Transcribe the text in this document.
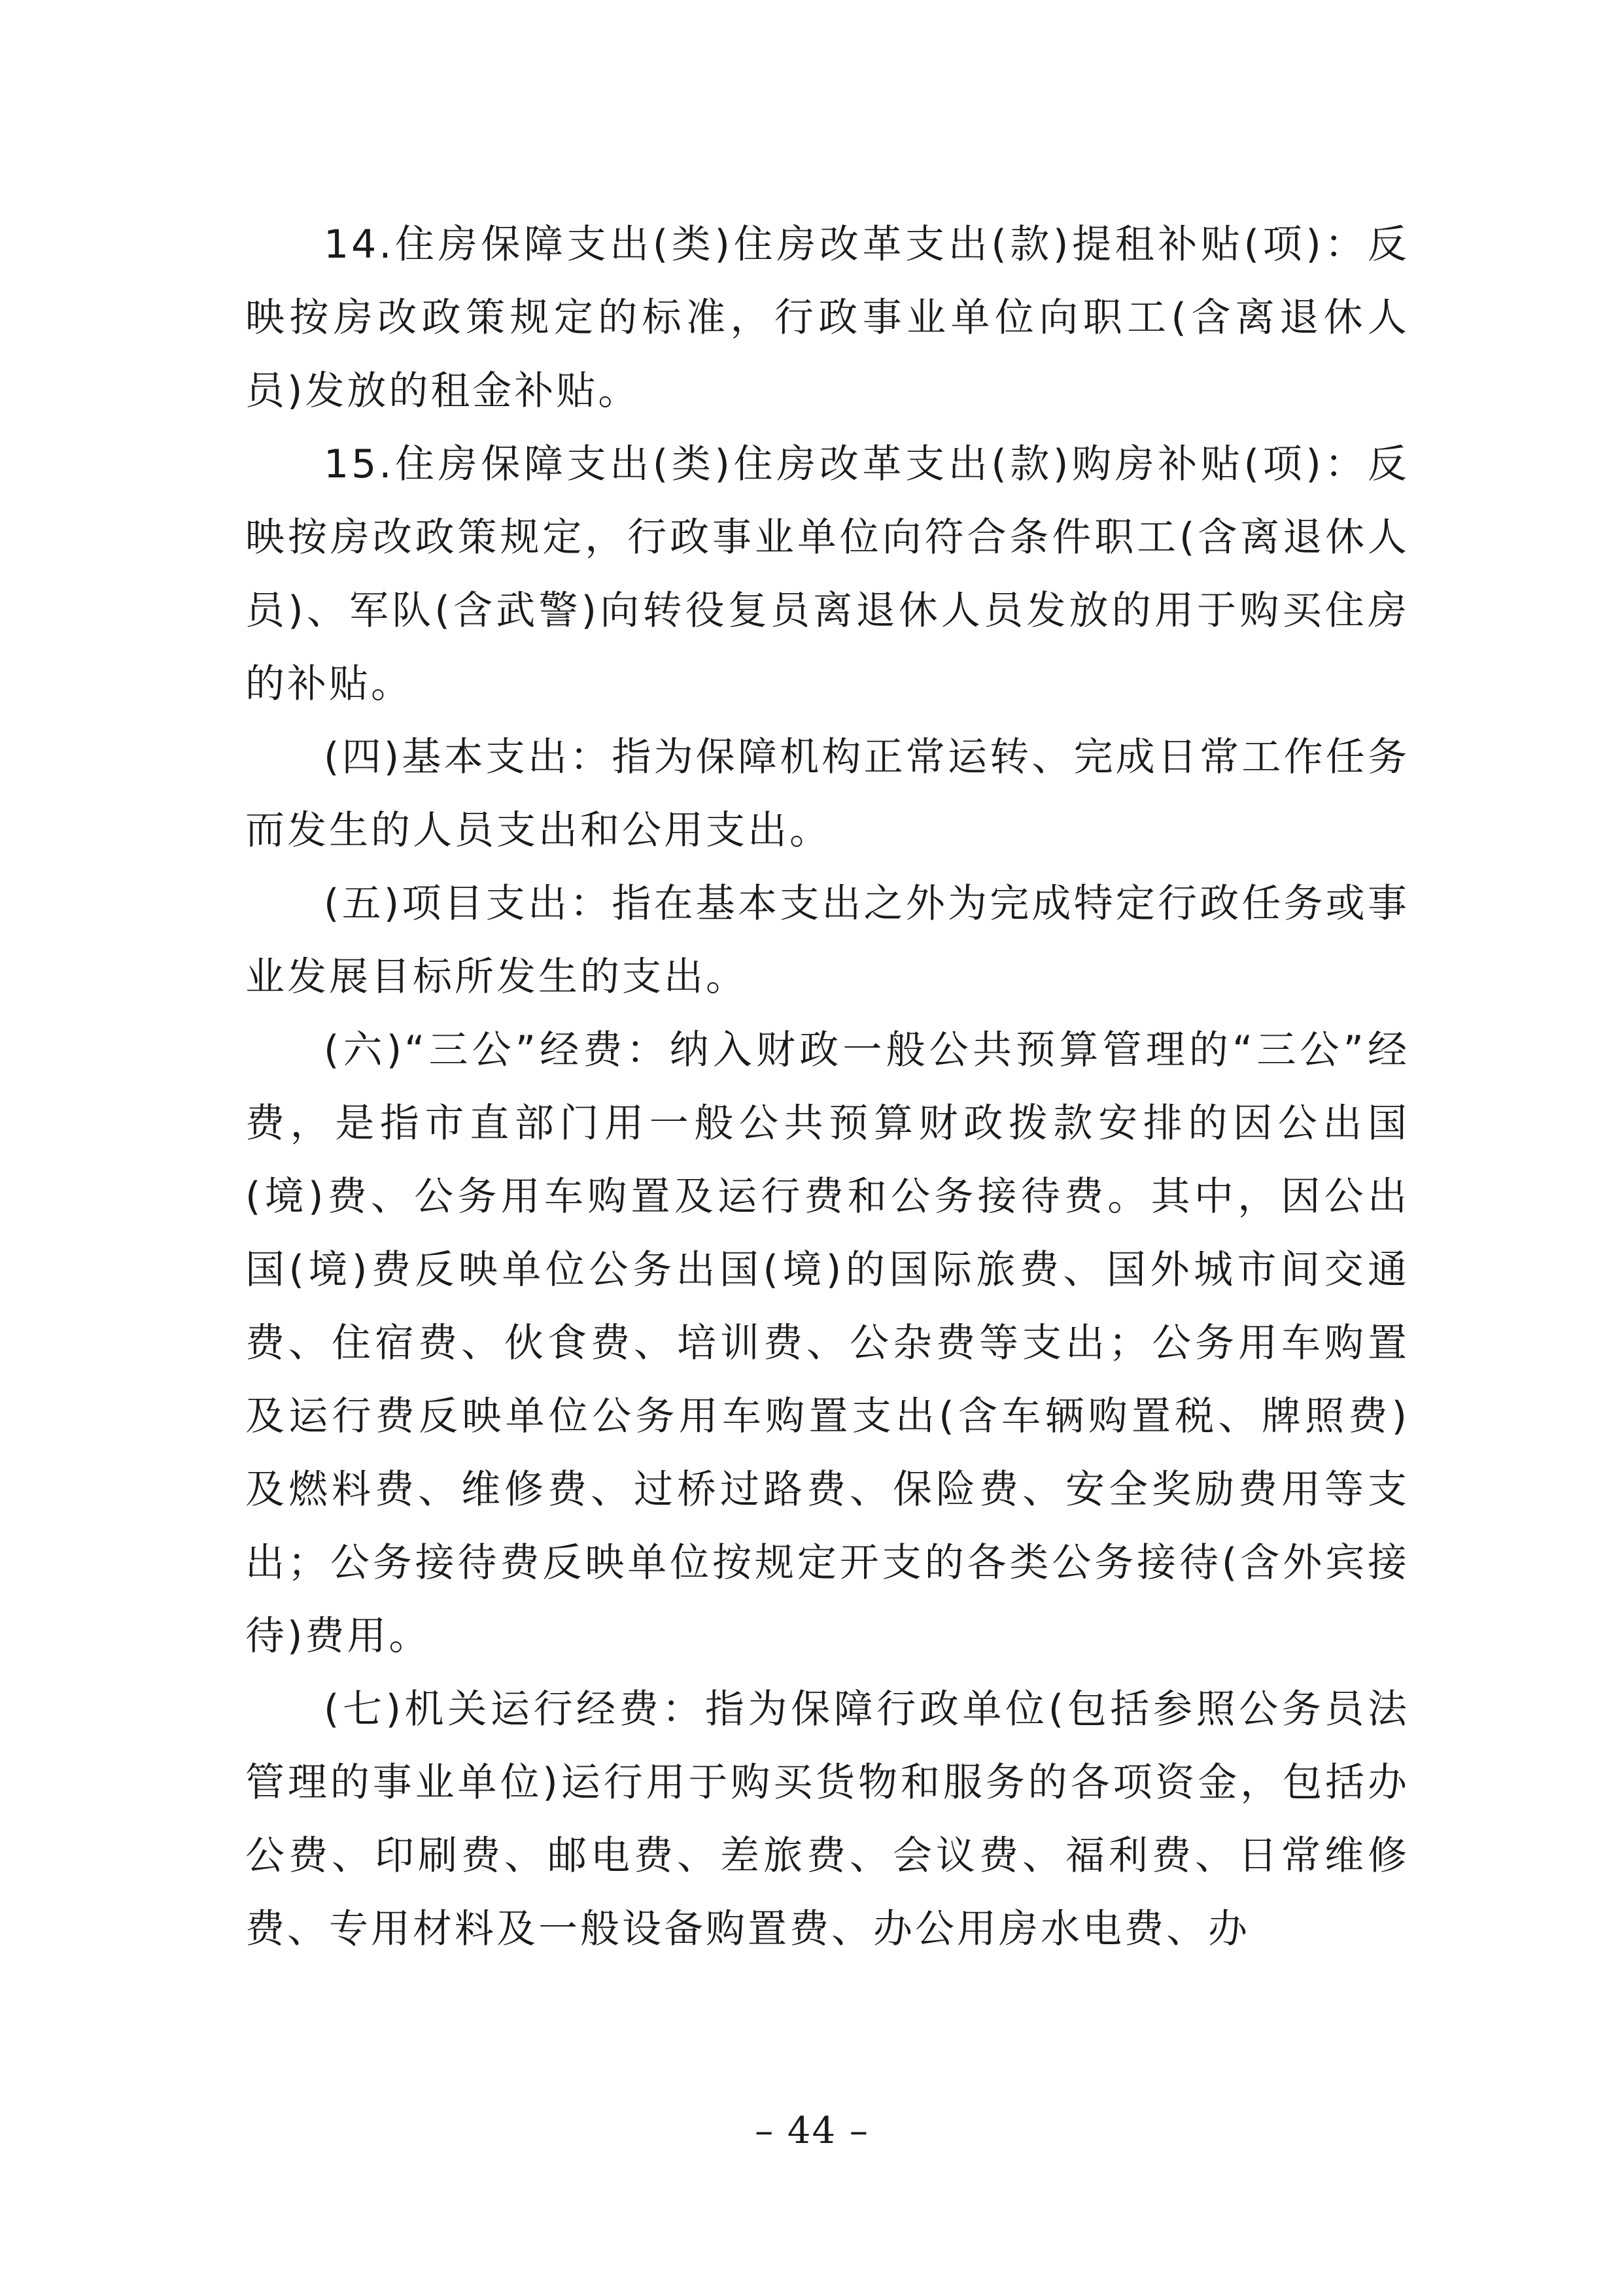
14.住房保障支出(类)住房改革支出(款)提租补贴(项)：反映按房改政策规定的标准，行政事业单位向职工(含离退休人员)发放的租金补贴。

15.住房保障支出(类)住房改革支出(款)购房补贴(项)：反映按房改政策规定，行政事业单位向符合条件职工(含离退休人员)、军队(含武警)向转役复员离退休人员发放的用于购买住房的补贴。

(四)基本支出：指为保障机构正常运转、完成日常工作任务而发生的人员支出和公用支出。

(五)项目支出：指在基本支出之外为完成特定行政任务或事业发展目标所发生的支出。

(六)“三公”经费：纳入财政一般公共预算管理的“三公”经费，是指市直部门用一般公共预算财政拨款安排的因公出国(境)费、公务用车购置及运行费和公务接待费。其中，因公出国(境)费反映单位公务出国(境)的国际旅费、国外城市间交通费、住宿费、伙食费、培训费、公杂费等支出；公务用车购置及运行费反映单位公务用车购置支出(含车辆购置税、牌照费)及燃料费、维修费、过桥过路费、保险费、安全奖励费用等支出；公务接待费反映单位按规定开支的各类公务接待(含外宾接待)费用。

(七)机关运行经费：指为保障行政单位(包括参照公务员法管理的事业单位)运行用于购买货物和服务的各项资金，包括办公费、印刷费、邮电费、差旅费、会议费、福利费、日常维修费、专用材料及一般设备购置费、办公用房水电费、办

– 44 –
